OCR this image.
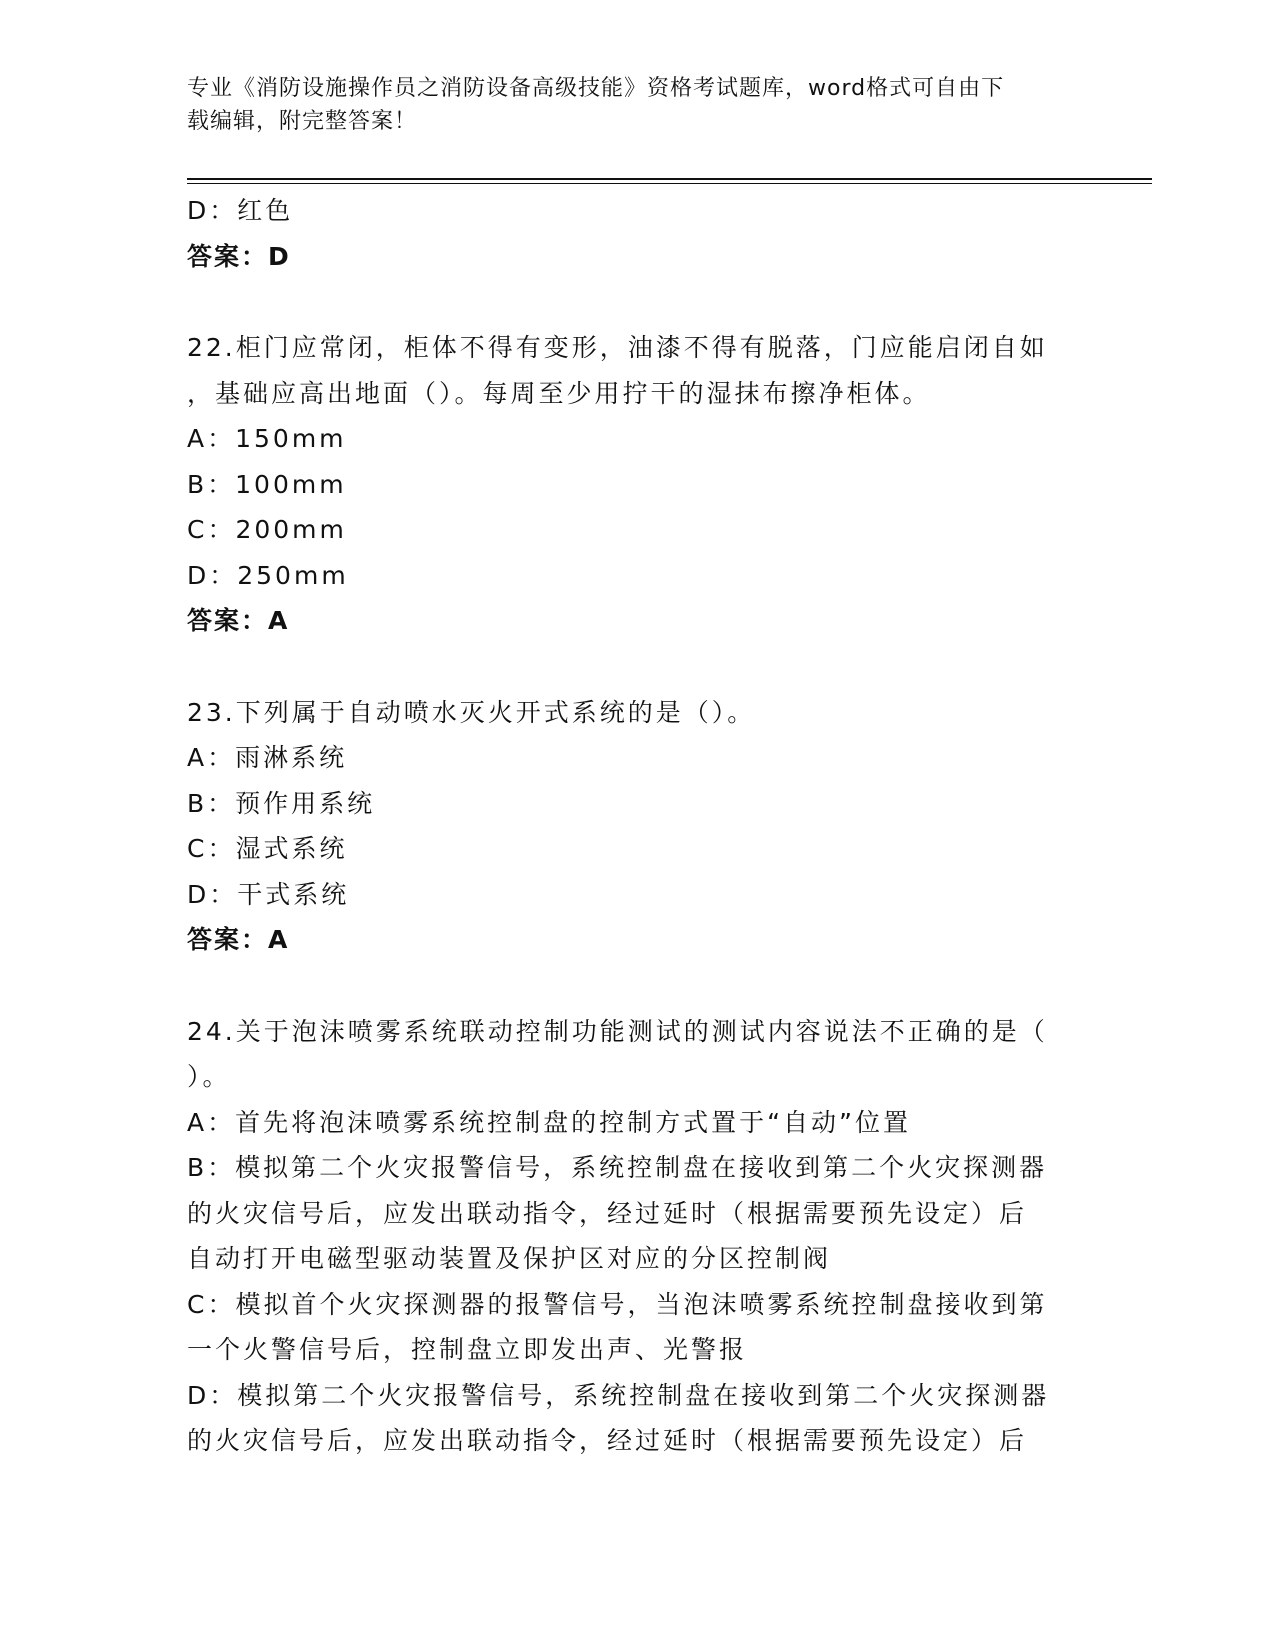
专业《消防设施操作员之消防设备高级技能》资格考试题库，word格式可自由下
载编辑，附完整答案！
D：红色
答案：D
22.柜门应常闭，柜体不得有变形，油漆不得有脱落，门应能启闭自如
，基础应高出地面（）。每周至少用拧干的湿抹布擦净柜体。
A：150mm
B：100mm
C：200mm
D：250mm
答案：A
23.下列属于自动喷水灭火开式系统的是（）。
A：雨淋系统
B：预作用系统
C：湿式系统
D：干式系统
答案：A
24.关于泡沫喷雾系统联动控制功能测试的测试内容说法不正确的是（
）。
A：首先将泡沫喷雾系统控制盘的控制方式置于“自动”位置
B：模拟第二个火灾报警信号，系统控制盘在接收到第二个火灾探测器
的火灾信号后，应发出联动指令，经过延时（根据需要预先设定）后
自动打开电磁型驱动装置及保护区对应的分区控制阀
C：模拟首个火灾探测器的报警信号，当泡沫喷雾系统控制盘接收到第
一个火警信号后，控制盘立即发出声、光警报
D：模拟第二个火灾报警信号，系统控制盘在接收到第二个火灾探测器
的火灾信号后，应发出联动指令，经过延时（根据需要预先设定）后
